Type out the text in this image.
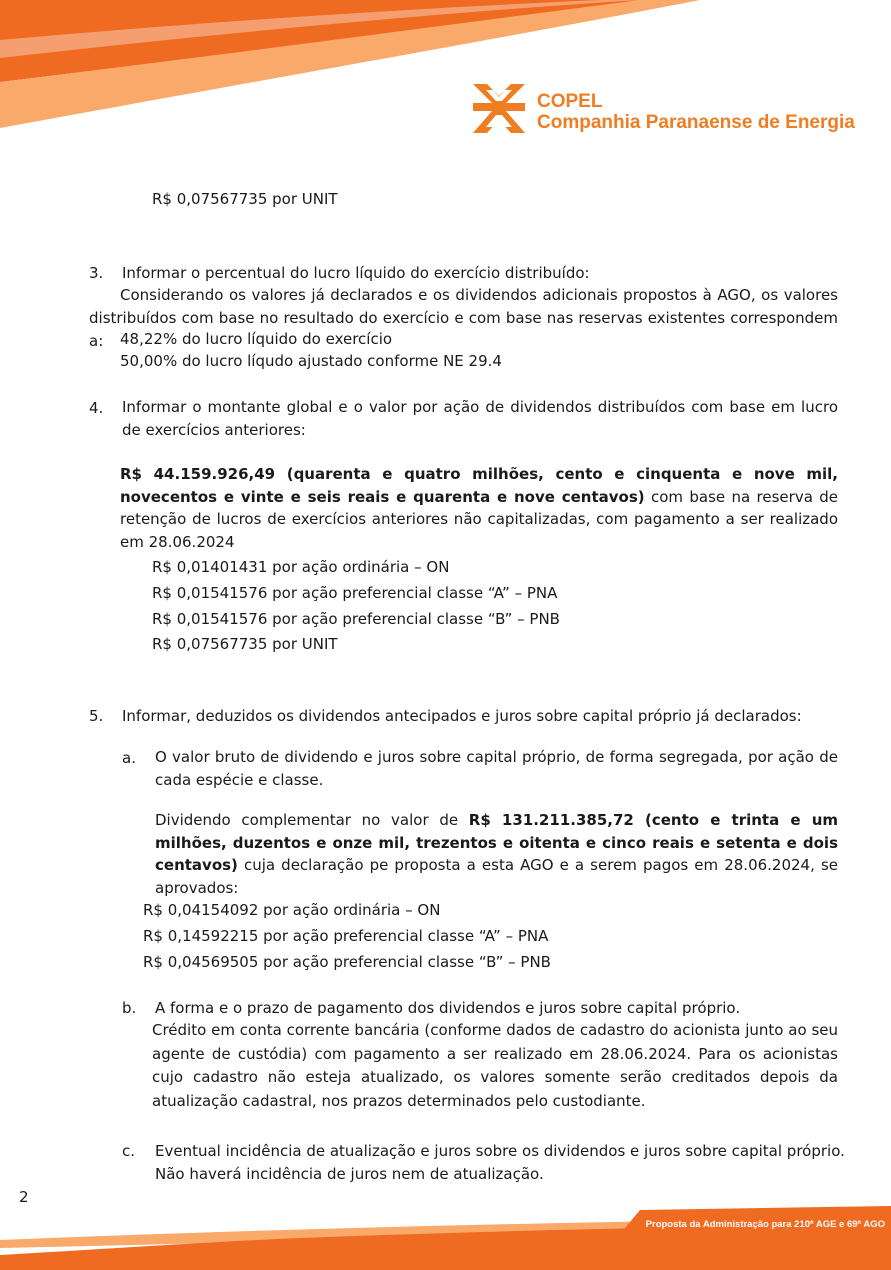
COPEL
Companhia Paranaense de Energia
R$ 0,07567735 por UNIT
3. Informar o percentual do lucro líquido do exercício distribuído:
Considerando os valores já declarados e os dividendos adicionais propostos à AGO, os valores
distribuídos com base no resultado do exercício e com base nas reservas existentes correspondem a:	48,22% do lucro líquido do exercício
50,00% do lucro líqudo ajustado conforme NE 29.4
4. Informar o montante global e o valor por ação de dividendos distribuídos com base em lucro de exercícios anteriores:
R$ 44.159.926,49 (quarenta e quatro milhões, cento e cinquenta e nove mil, novecentos e vinte e seis reais e quarenta e nove centavos) com base na reserva de retenção de lucros de exercícios anteriores não capitalizadas, com pagamento a ser realizado em 28.06.2024
R$ 0,01401431 por ação ordinária – ON
R$ 0,01541576 por ação preferencial classe “A” – PNA
R$ 0,01541576 por ação preferencial classe “B” – PNB
R$ 0,07567735 por UNIT
5. Informar, deduzidos os dividendos antecipados e juros sobre capital próprio já declarados:
a. O valor bruto de dividendo e juros sobre capital próprio, de forma segregada, por ação de cada espécie e classe.
Dividendo complementar no valor de R$ 131.211.385,72 (cento e trinta e um milhões, duzentos e onze mil, trezentos e oitenta e cinco reais e setenta e dois centavos) cuja declaração pe proposta a esta AGO e a serem pagos em 28.06.2024, se aprovados:
R$ 0,04154092 por ação ordinária – ON
R$ 0,14592215 por ação preferencial classe “A” – PNA
R$ 0,04569505 por ação preferencial classe “B” – PNB
b. A forma e o prazo de pagamento dos dividendos e juros sobre capital próprio.
Crédito em conta corrente bancária (conforme dados de cadastro do acionista junto ao seu agente de custódia) com pagamento a ser realizado em 28.06.2024. Para os acionistas cujo cadastro não esteja atualizado, os valores somente serão creditados depois da atualização cadastral, nos prazos determinados pelo custodiante.
c. Eventual incidência de atualização e juros sobre os dividendos e juros sobre capital próprio.
Não haverá incidência de juros nem de atualização.
2
Proposta da Administração para 210ª AGE e 69ª AGO
